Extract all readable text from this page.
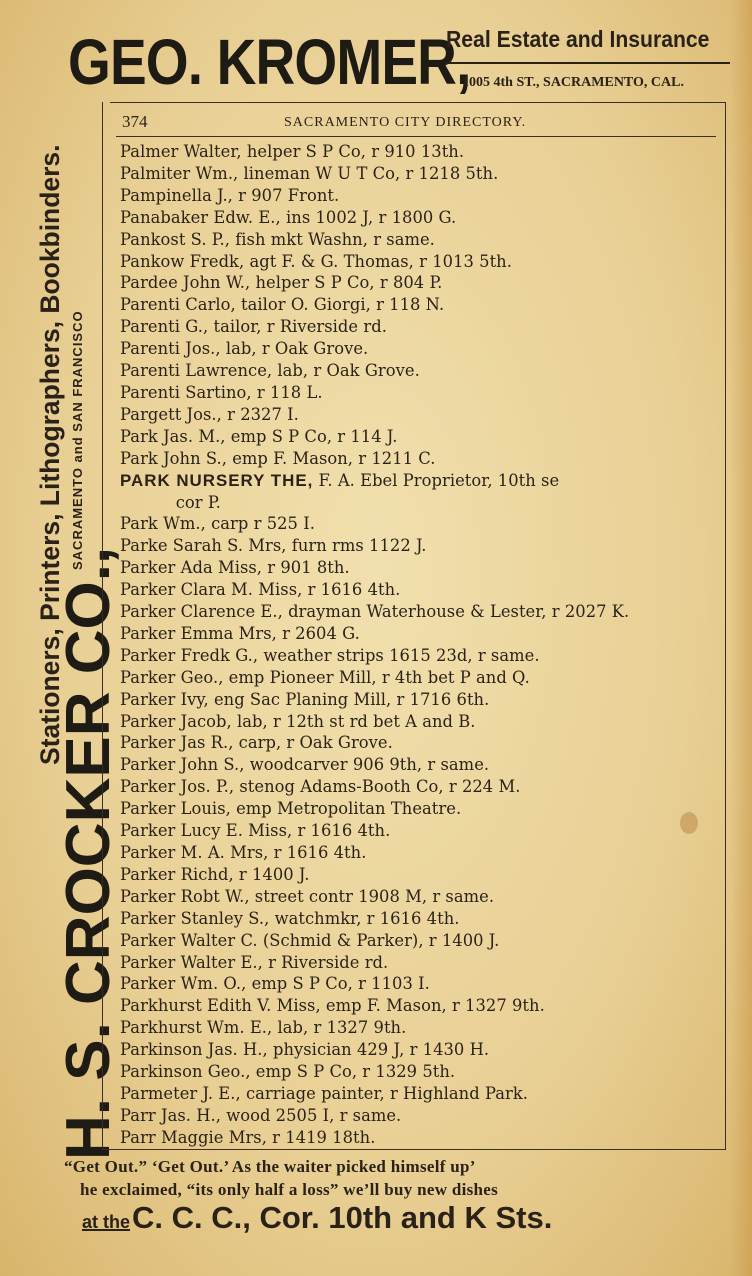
GEO. KROMER,
Real Estate and Insurance
1005 4th ST., SACRAMENTO, CAL.
H. S. CROCKER CO.,
Stationers, Printers, Lithographers, Bookbinders. SACRAMENTO and SAN FRANCISCO
374	SACRAMENTO CITY DIRECTORY.
Palmer Walter, helper S P Co, r 910 13th.
Palmiter Wm., lineman W U T Co, r 1218 5th.
Pampinella J., r 907 Front.
Panabaker Edw. E., ins 1002 J, r 1800 G.
Pankost S. P., fish mkt Washn, r same.
Pankow Fredk, agt F. & G. Thomas, r 1013 5th.
Pardee John W., helper S P Co, r 804 P.
Parenti Carlo, tailor O. Giorgi, r 118 N.
Parenti G., tailor, r Riverside rd.
Parenti Jos., lab, r Oak Grove.
Parenti Lawrence, lab, r Oak Grove.
Parenti Sartino, r 118 L.
Pargett Jos., r 2327 I.
Park Jas. M., emp S P Co, r 114 J.
Park John S., emp F. Mason, r 1211 C.
PARK NURSERY THE, F. A. Ebel Proprietor, 10th se
cor P.
Park Wm., carp r 525 I.
Parke Sarah S. Mrs, furn rms 1122 J.
Parker Ada Miss, r 901 8th.
Parker Clara M. Miss, r 1616 4th.
Parker Clarence E., drayman Waterhouse & Lester, r 2027 K.
Parker Emma Mrs, r 2604 G.
Parker Fredk G., weather strips 1615 23d, r same.
Parker Geo., emp Pioneer Mill, r 4th bet P and Q.
Parker Ivy, eng Sac Planing Mill, r 1716 6th.
Parker Jacob, lab, r 12th st rd bet A and B.
Parker Jas R., carp, r Oak Grove.
Parker John S., woodcarver 906 9th, r same.
Parker Jos. P., stenog Adams-Booth Co, r 224 M.
Parker Louis, emp Metropolitan Theatre.
Parker Lucy E. Miss, r 1616 4th.
Parker M. A. Mrs, r 1616 4th.
Parker Richd, r 1400 J.
Parker Robt W., street contr 1908 M, r same.
Parker Stanley S., watchmkr, r 1616 4th.
Parker Walter C. (Schmid & Parker), r 1400 J.
Parker Walter E., r Riverside rd.
Parker Wm. O., emp S P Co, r 1103 I.
Parkhurst Edith V. Miss, emp F. Mason, r 1327 9th.
Parkhurst Wm. E., lab, r 1327 9th.
Parkinson Jas. H., physician 429 J, r 1430 H.
Parkinson Geo., emp S P Co, r 1329 5th.
Parmeter J. E., carriage painter, r Highland Park.
Parr Jas. H., wood 2505 I, r same.
Parr Maggie Mrs, r 1419 18th.
“Get Out.” ‘Get Out.’ As the waiter picked himself up’
he exclaimed, “its only half a loss” we’ll buy new dishes
at theC. C. C., Cor. 10th and K Sts.
